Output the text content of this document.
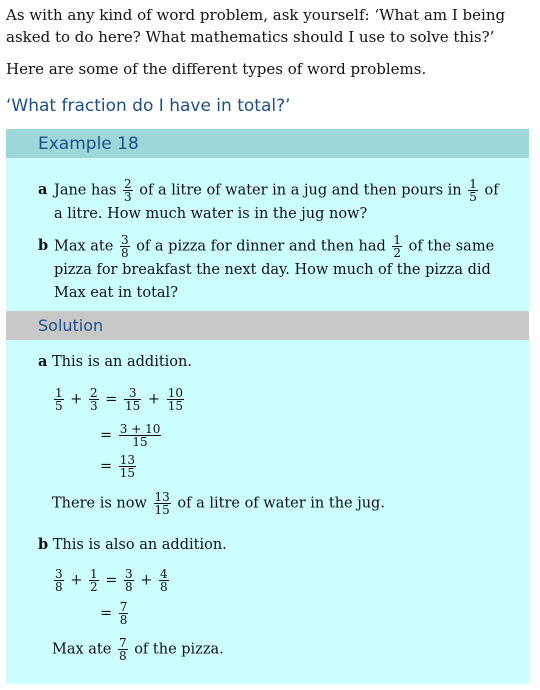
As with any kind of word problem, ask yourself: ‘What am I being asked to do here? What mathematics should I use to solve this?’

Here are some of the different types of word problems.

‘What fraction do I have in total?’
Example 18
a Jane has $\frac{2}{3}$ of a litre of water in a jug and then pours in $\frac{1}{5}$ of a litre. How much water is in the jug now?
b Max ate $\frac{3}{8}$ of a pizza for dinner and then had $\frac{1}{2}$ of the same pizza for breakfast the next day. How much of the pizza did Max eat in total?
Solution
a This is an addition.
$\frac{1}{5} + \frac{2}{3} = \frac{3}{15} + \frac{10}{15}$
= $\frac{3 + 10}{15}$
= $\frac{13}{15}$
There is now $\frac{13}{15}$ of a litre of water in the jug.
b This is also an addition.
$\frac{3}{8} + \frac{1}{2} = \frac{3}{8} + \frac{4}{8}$
= $\frac{7}{8}$
Max ate $\frac{7}{8}$ of the pizza.
